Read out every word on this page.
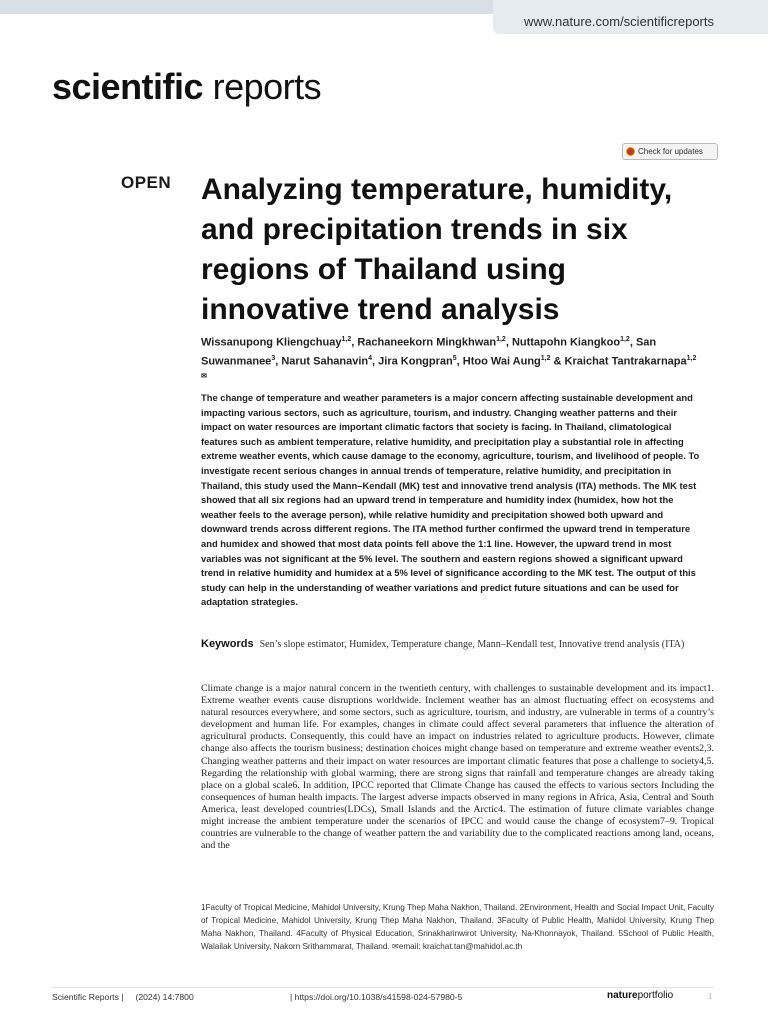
www.nature.com/scientificreports
scientific reports
Check for updates
OPEN Analyzing temperature, humidity, and precipitation trends in six regions of Thailand using innovative trend analysis
Wissanupong Kliengchuay$^{1,2}$, Rachaneekorn Mingkhwan$^{1,2}$, Nuttapohn Kiangkoo$^{1,2}$, San Suwanmanee$^3$, Narut Sahanavin$^4$, Jira Kongpran$^5$, Htoo Wai Aung$^{1,2}$ & Kraichat Tantrakarnapa$^{1,2✉}$

The change of temperature and weather parameters is a major concern affecting sustainable development and impacting various sectors, such as agriculture, tourism, and industry. Changing weather patterns and their impact on water resources are important climatic factors that society is facing. In Thailand, climatological features such as ambient temperature, relative humidity, and precipitation play a substantial role in affecting extreme weather events, which cause damage to the economy, agriculture, tourism, and livelihood of people. To investigate recent serious changes in annual trends of temperature, relative humidity, and precipitation in Thailand, this study used the Mann–Kendall (MK) test and innovative trend analysis (ITA) methods. The MK test showed that all six regions had an upward trend in temperature and humidity index (humidex, how hot the weather feels to the average person), while relative humidity and precipitation showed both upward and downward trends across different regions. The ITA method further confirmed the upward trend in temperature and humidex and showed that most data points fell above the 1:1 line. However, the upward trend in most variables was not significant at the 5% level. The southern and eastern regions showed a significant upward trend in relative humidity and humidex at a 5% level of significance according to the MK test. The output of this study can help in the understanding of weather variations and predict future situations and can be used for adaptation strategies.

Keywords Sen’s slope estimator, Humidex, Temperature change, Mann–Kendall test, Innovative trend analysis (ITA)

Climate change is a major natural concern in the twentieth century, with challenges to sustainable development and its impact1. Extreme weather events cause disruptions worldwide. Inclement weather has an almost fluctuating effect on ecosystems and natural resources everywhere, and some sectors, such as agriculture, tourism, and industry, are vulnerable in terms of a country’s development and human life. For examples, changes in climate could affect several parameters that influence the alteration of agricultural products. Consequently, this could have an impact on industries related to agriculture products. However, climate change also affects the tourism business; destination choices might change based on temperature and extreme weather events2,3. Changing weather patterns and their impact on water resources are important climatic features that pose a challenge to society4,5. Regarding the relationship with global warming, there are strong signs that rainfall and temperature changes are already taking place on a global scale6. In addition, IPCC reported that Climate Change has caused the effects to various sectors Including the consequences of human health impacts. The largest adverse impacts observed in many regions in Africa, Asia, Central and South America, least developed countries(LDCs), Small Islands and the Arctic4. The estimation of future climate variables change might increase the ambient temperature under the scenarios of IPCC and would cause the change of ecosystem7–9. Tropical countries are vulnerable to the change of weather pattern the and variability due to the complicated reactions among land, oceans, and the

1Faculty of Tropical Medicine, Mahidol University, Krung Thep Maha Nakhon, Thailand. 2Environment, Health and Social Impact Unit, Faculty of Tropical Medicine, Mahidol University, Krung Thep Maha Nakhon, Thailand. 3Faculty of Public Health, Mahidol University, Krung Thep Maha Nakhon, Thailand. 4Faculty of Physical Education, Srinakharinwirot University, Na-Khonnayok, Thailand. 5School of Public Health, Walailak University, Nakorn Srithammarat, Thailand. ✉email: kraichat.tan@mahidol.ac.th

Scientific Reports | (2024) 14:7800	| https://doi.org/10.1038/s41598-024-57980-5	natureportfolio	1
